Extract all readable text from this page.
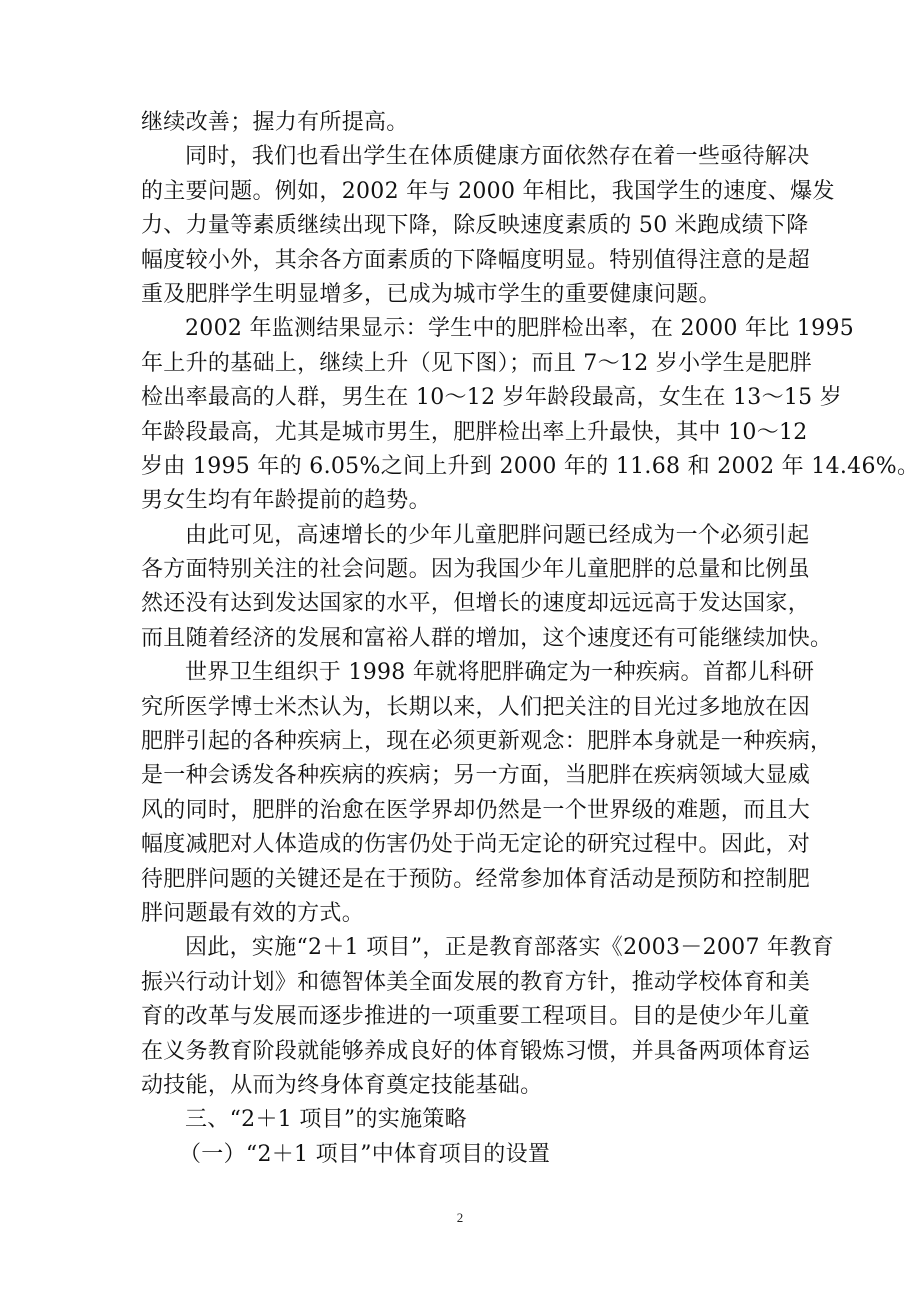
继续改善；握力有所提高。

同时，我们也看出学生在体质健康方面依然存在着一些亟待解决
的主要问题。例如，2002 年与 2000 年相比，我国学生的速度、爆发
力、力量等素质继续出现下降，除反映速度素质的 50 米跑成绩下降
幅度较小外，其余各方面素质的下降幅度明显。特别值得注意的是超
重及肥胖学生明显增多，已成为城市学生的重要健康问题。

2002 年监测结果显示：学生中的肥胖检出率，在 2000 年比 1995
年上升的基础上，继续上升（见下图）；而且 7～12 岁小学生是肥胖
检出率最高的人群，男生在 10～12 岁年龄段最高，女生在 13～15 岁
年龄段最高，尤其是城市男生，肥胖检出率上升最快，其中 10～12
岁由 1995 年的 6.05%之间上升到 2000 年的 11.68 和 2002 年 14.46%。
男女生均有年龄提前的趋势。

由此可见，高速增长的少年儿童肥胖问题已经成为一个必须引起
各方面特别关注的社会问题。因为我国少年儿童肥胖的总量和比例虽
然还没有达到发达国家的水平，但增长的速度却远远高于发达国家，
而且随着经济的发展和富裕人群的增加，这个速度还有可能继续加快。

世界卫生组织于 1998 年就将肥胖确定为一种疾病。首都儿科研
究所医学博士米杰认为，长期以来，人们把关注的目光过多地放在因
肥胖引起的各种疾病上，现在必须更新观念：肥胖本身就是一种疾病，
是一种会诱发各种疾病的疾病；另一方面，当肥胖在疾病领域大显威
风的同时，肥胖的治愈在医学界却仍然是一个世界级的难题，而且大
幅度减肥对人体造成的伤害仍处于尚无定论的研究过程中。因此，对
待肥胖问题的关键还是在于预防。经常参加体育活动是预防和控制肥
胖问题最有效的方式。

因此，实施“2＋1 项目”，正是教育部落实《2003－2007 年教育
振兴行动计划》和德智体美全面发展的教育方针，推动学校体育和美
育的改革与发展而逐步推进的一项重要工程项目。目的是使少年儿童
在义务教育阶段就能够养成良好的体育锻炼习惯，并具备两项体育运
动技能，从而为终身体育奠定技能基础。

三、“2＋1 项目”的实施策略
（一）“2＋1 项目”中体育项目的设置
2
